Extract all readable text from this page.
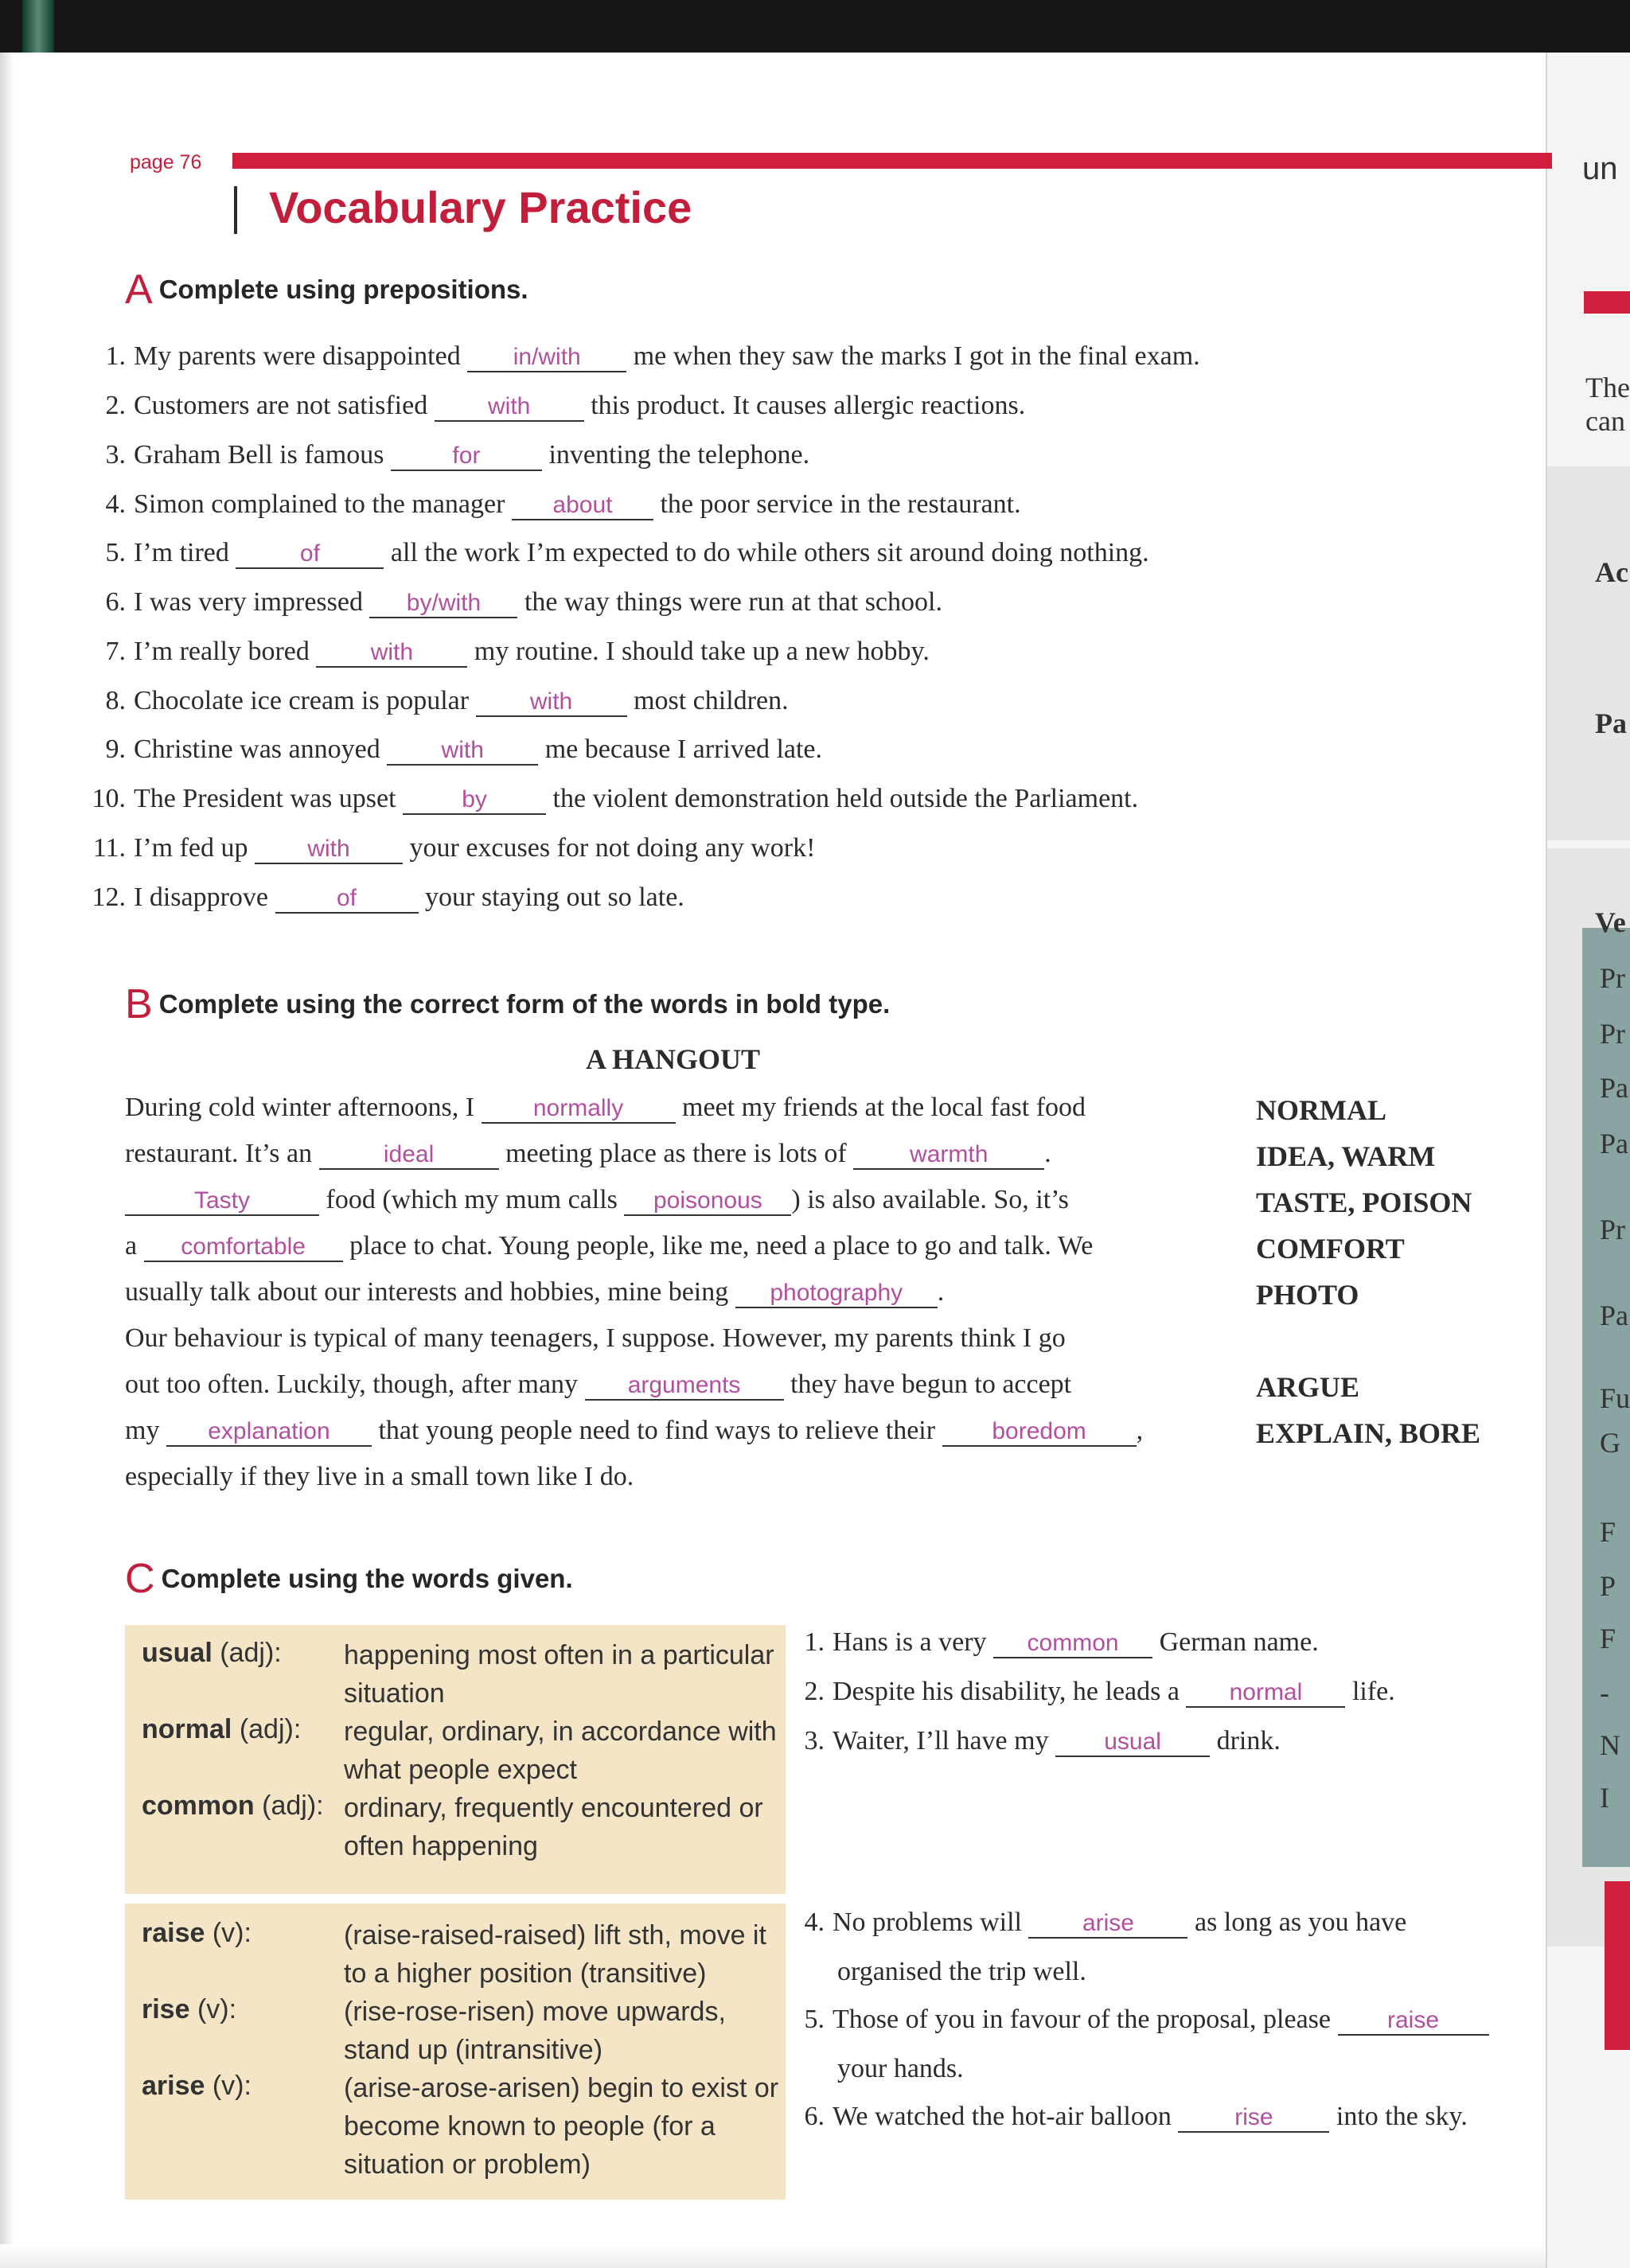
un
The
can
Ac
Pa
Ve
Pr
Pr
Pa
Pa
Pr
Pa
Fu
G
F
P
F
-
N
I
page 76
Vocabulary Practice
A Complete using prepositions.
1. My parents were disappointed in/with me when they saw the marks I got in the final exam.
2. Customers are not satisfied	with this product. It causes allergic reactions.
3. Graham Bell is famous	for	inventing the telephone.
4. Simon complained to the manager about the poor service in the restaurant.
5. I’m tired	of	all the work I’m expected to do while others sit around doing nothing.
6. I was very impressed by/with the way things were run at that school.
7. I’m really bored	with my routine. I should take up a new hobby.
8. Chocolate ice cream is popular	with most children.
9. Christine was annoyed	with me because I arrived late.
10. The President was upset	by the violent demonstration held outside the Parliament.
11. I’m fed up with your excuses for not doing any work!
12. I disapprove	of	your staying out so late.
B Complete using the correct form of the words in bold type.
A HANGOUT
During cold winter afternoons, I normally meet my friends at the local fast food
restaurant. It’s an	ideal	meeting place as there is lots of	warmth .
Tasty	food (which my mum calls poisonous ) is also available. So, it’s
a comfortable place to chat. Young people, like me, need a place to go and talk. We
usually talk about our interests and hobbies, mine being photography .
Our behaviour is typical of many teenagers, I suppose. However, my parents think I go
out too often. Luckily, though, after many arguments they have begun to accept
my explanation that young people need to find ways to relieve their boredom ,
especially if they live in a small town like I do.
NORMAL
IDEA, WARM
TASTE, POISON
COMFORT
PHOTO
ARGUE
EXPLAIN, BORE
C Complete using the words given.
usual (adj): happening most often in a particular situation
normal (adj): regular, ordinary, in accordance with what people expect
common (adj): ordinary, frequently encountered or often happening
raise (v):	(raise-raised-raised) lift sth, move it to a higher position (transitive)
rise (v):	(rise-rose-risen) move upwards, stand up (intransitive)
arise (v):	(arise-arose-arisen) begin to exist or become known to people (for a situation or problem)
1. Hans is a very common German name.
2. Despite his disability, he leads a normal life.
3. Waiter, I’ll have my usual drink.
4. No problems will	arise as long as you have
organised the trip well.
5. Those of you in favour of the proposal, please raise
your hands.
6. We watched the hot-air balloon	rise into the sky.
